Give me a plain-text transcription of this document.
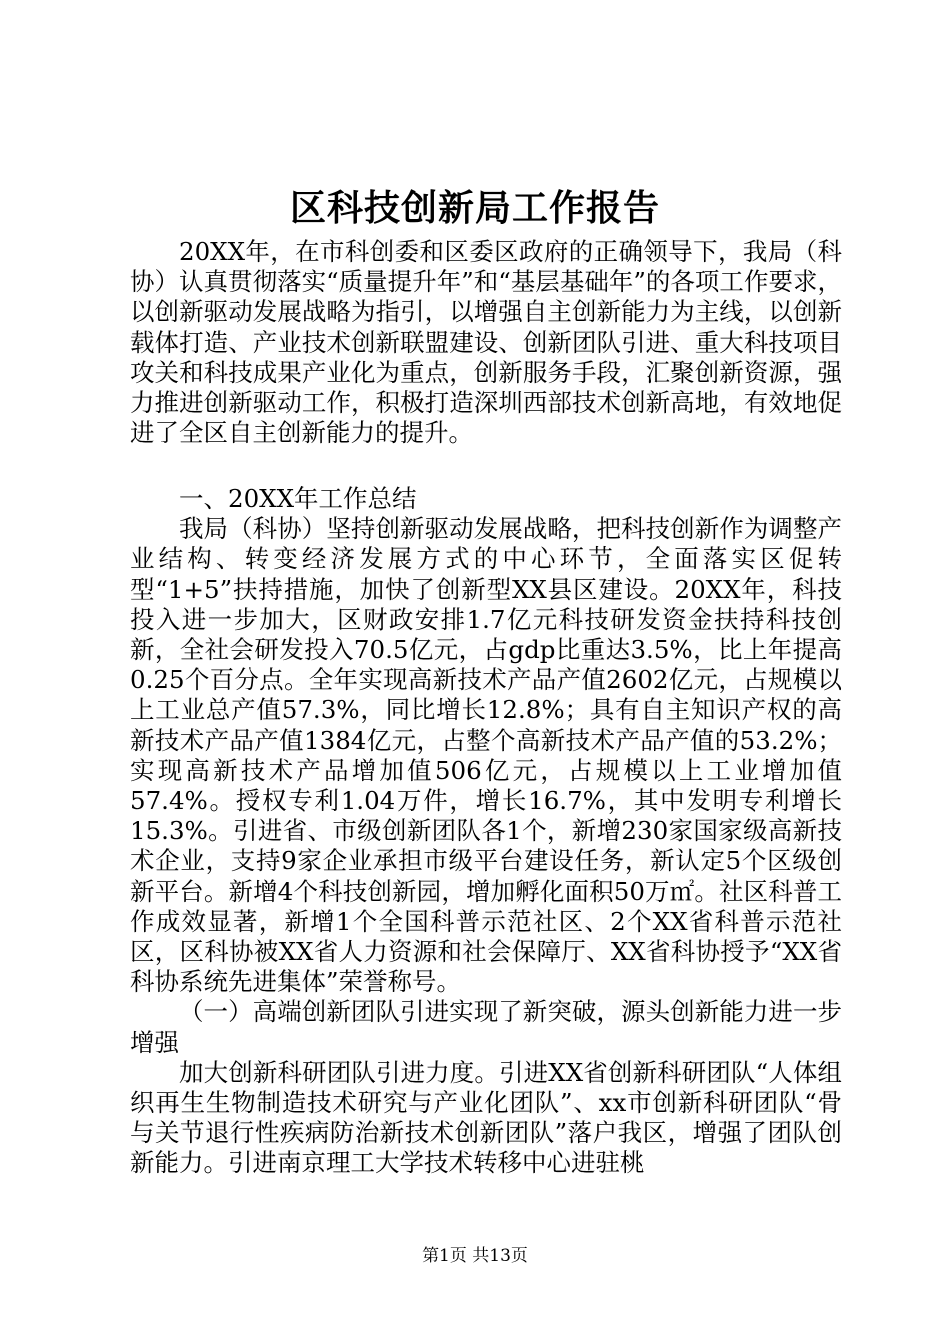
区科技创新局工作报告

20XX年，在市科创委和区委区政府的正确领导下，我局（科协）认真贯彻落实“质量提升年”和“基层基础年”的各项工作要求，以创新驱动发展战略为指引，以增强自主创新能力为主线，以创新载体打造、产业技术创新联盟建设、创新团队引进、重大科技项目攻关和科技成果产业化为重点，创新服务手段，汇聚创新资源，强力推进创新驱动工作，积极打造深圳西部技术创新高地，有效地促进了全区自主创新能力的提升。

一、20XX年工作总结

我局（科协）坚持创新驱动发展战略，把科技创新作为调整产业结构、转变经济发展方式的中心环节，全面落实区促转型“1+5”扶持措施，加快了创新型XX县区建设。20XX年，科技投入进一步加大，区财政安排1.7亿元科技研发资金扶持科技创新，全社会研发投入70.5亿元，占gdp比重达3.5%，比上年提高0.25个百分点。全年实现高新技术产品产值2602亿元，占规模以上工业总产值57.3%，同比增长12.8%；具有自主知识产权的高新技术产品产值1384亿元，占整个高新技术产品产值的53.2%；实现高新技术产品增加值506亿元，占规模以上工业增加值57.4%。授权专利1.04万件，增长16.7%，其中发明专利增长15.3%。引进省、市级创新团队各1个，新增230家国家级高新技术企业，支持9家企业承担市级平台建设任务，新认定5个区级创新平台。新增4个科技创新园，增加孵化面积50万㎡。社区科普工作成效显著，新增1个全国科普示范社区、2个XX省科普示范社区，区科协被XX省人力资源和社会保障厅、XX省科协授予“XX省科协系统先进集体”荣誉称号。

（一）高端创新团队引进实现了新突破，源头创新能力进一步增强

加大创新科研团队引进力度。引进XX省创新科研团队“人体组织再生生物制造技术研究与产业化团队”、xx市创新科研团队“骨与关节退行性疾病防治新技术创新团队”落户我区，增强了团队创新能力。引进南京理工大学技术转移中心进驻桃

第1页 共13页
